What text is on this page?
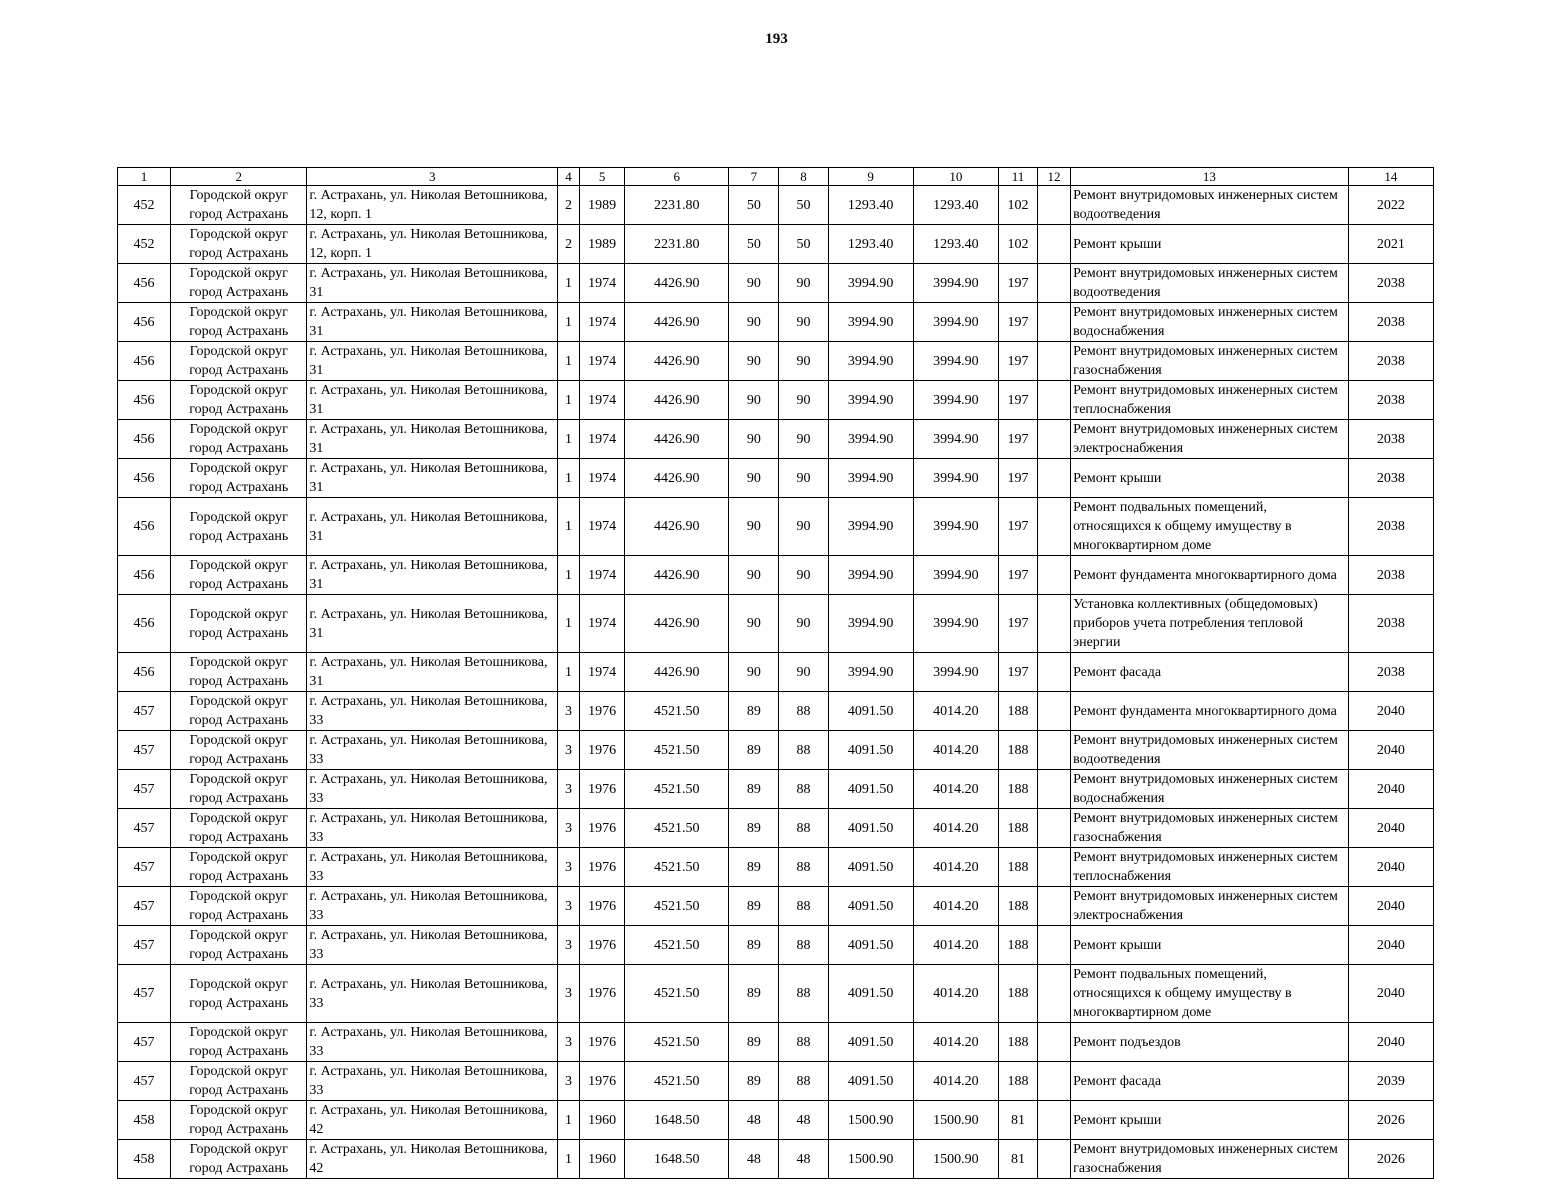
193
1	2	3	4	5	6	7	8	9	10	11	12	13	14
452	Городской округ город Астрахань	г. Астрахань, ул. Николая Ветошникова, 12, корп. 1	2	1989	2231.80	50	50	1293.40	1293.40	102		Ремонт внутридомовых инженерных систем водоотведения	2022
452	Городской округ город Астрахань	г. Астрахань, ул. Николая Ветошникова, 12, корп. 1	2	1989	2231.80	50	50	1293.40	1293.40	102		Ремонт крыши	2021
456	Городской округ город Астрахань	г. Астрахань, ул. Николая Ветошникова, 31	1	1974	4426.90	90	90	3994.90	3994.90	197		Ремонт внутридомовых инженерных систем водоотведения	2038
456	Городской округ город Астрахань	г. Астрахань, ул. Николая Ветошникова, 31	1	1974	4426.90	90	90	3994.90	3994.90	197		Ремонт внутридомовых инженерных систем водоснабжения	2038
456	Городской округ город Астрахань	г. Астрахань, ул. Николая Ветошникова, 31	1	1974	4426.90	90	90	3994.90	3994.90	197		Ремонт внутридомовых инженерных систем газоснабжения	2038
456	Городской округ город Астрахань	г. Астрахань, ул. Николая Ветошникова, 31	1	1974	4426.90	90	90	3994.90	3994.90	197		Ремонт внутридомовых инженерных систем теплоснабжения	2038
456	Городской округ город Астрахань	г. Астрахань, ул. Николая Ветошникова, 31	1	1974	4426.90	90	90	3994.90	3994.90	197		Ремонт внутридомовых инженерных систем электроснабжения	2038
456	Городской округ город Астрахань	г. Астрахань, ул. Николая Ветошникова, 31	1	1974	4426.90	90	90	3994.90	3994.90	197		Ремонт крыши	2038
456	Городской округ город Астрахань	г. Астрахань, ул. Николая Ветошникова, 31	1	1974	4426.90	90	90	3994.90	3994.90	197		Ремонт подвальных помещений, относящихся к общему имуществу в многоквартирном доме	2038
456	Городской округ город Астрахань	г. Астрахань, ул. Николая Ветошникова, 31	1	1974	4426.90	90	90	3994.90	3994.90	197		Ремонт фундамента многоквартирного дома	2038
456	Городской округ город Астрахань	г. Астрахань, ул. Николая Ветошникова, 31	1	1974	4426.90	90	90	3994.90	3994.90	197		Установка коллективных (общедомовых) приборов учета потребления тепловой энергии	2038
456	Городской округ город Астрахань	г. Астрахань, ул. Николая Ветошникова, 31	1	1974	4426.90	90	90	3994.90	3994.90	197		Ремонт фасада	2038
457	Городской округ город Астрахань	г. Астрахань, ул. Николая Ветошникова, 33	3	1976	4521.50	89	88	4091.50	4014.20	188		Ремонт фундамента многоквартирного дома	2040
457	Городской округ город Астрахань	г. Астрахань, ул. Николая Ветошникова, 33	3	1976	4521.50	89	88	4091.50	4014.20	188		Ремонт внутридомовых инженерных систем водоотведения	2040
457	Городской округ город Астрахань	г. Астрахань, ул. Николая Ветошникова, 33	3	1976	4521.50	89	88	4091.50	4014.20	188		Ремонт внутридомовых инженерных систем водоснабжения	2040
457	Городской округ город Астрахань	г. Астрахань, ул. Николая Ветошникова, 33	3	1976	4521.50	89	88	4091.50	4014.20	188		Ремонт внутридомовых инженерных систем газоснабжения	2040
457	Городской округ город Астрахань	г. Астрахань, ул. Николая Ветошникова, 33	3	1976	4521.50	89	88	4091.50	4014.20	188		Ремонт внутридомовых инженерных систем теплоснабжения	2040
457	Городской округ город Астрахань	г. Астрахань, ул. Николая Ветошникова, 33	3	1976	4521.50	89	88	4091.50	4014.20	188		Ремонт внутридомовых инженерных систем электроснабжения	2040
457	Городской округ город Астрахань	г. Астрахань, ул. Николая Ветошникова, 33	3	1976	4521.50	89	88	4091.50	4014.20	188		Ремонт крыши	2040
457	Городской округ город Астрахань	г. Астрахань, ул. Николая Ветошникова, 33	3	1976	4521.50	89	88	4091.50	4014.20	188		Ремонт подвальных помещений, относящихся к общему имуществу в многоквартирном доме	2040
457	Городской округ город Астрахань	г. Астрахань, ул. Николая Ветошникова, 33	3	1976	4521.50	89	88	4091.50	4014.20	188		Ремонт подъездов	2040
457	Городской округ город Астрахань	г. Астрахань, ул. Николая Ветошникова, 33	3	1976	4521.50	89	88	4091.50	4014.20	188		Ремонт фасада	2039
458	Городской округ город Астрахань	г. Астрахань, ул. Николая Ветошникова, 42	1	1960	1648.50	48	48	1500.90	1500.90	81		Ремонт крыши	2026
458	Городской округ город Астрахань	г. Астрахань, ул. Николая Ветошникова, 42	1	1960	1648.50	48	48	1500.90	1500.90	81		Ремонт внутридомовых инженерных систем газоснабжения	2026
